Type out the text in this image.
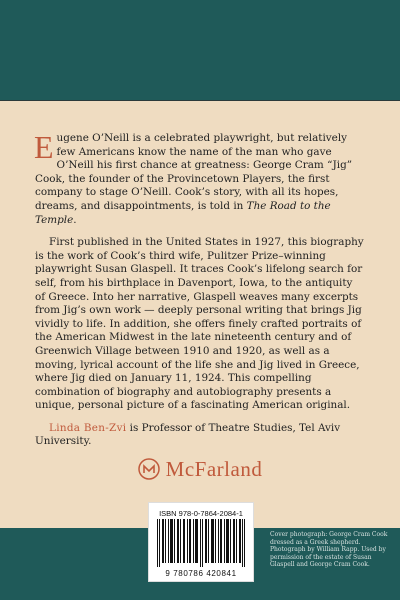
Eugene O’Neill is a celebrated playwright, but relatively few Americans know the name of the man who gave O’Neill his first chance at greatness: George Cram “Jig” Cook, the founder of the Provincetown Players, the first company to stage O’Neill. Cook’s story, with all its hopes, dreams, and disappointments, is told in The Road to the Temple.

First published in the United States in 1927, this biography is the work of Cook’s third wife, Pulitzer Prize–winning playwright Susan Glaspell. It traces Cook’s lifelong search for self, from his birthplace in Davenport, Iowa, to the antiquity of Greece. Into her narrative, Glaspell weaves many excerpts from Jig’s own work — deeply personal writing that brings Jig vividly to life. In addition, she offers finely crafted portraits of the American Midwest in the late nineteenth century and of Greenwich Village between 1910 and 1920, as well as a moving, lyrical account of the life she and Jig lived in Greece, where Jig died on January 11, 1924. This compelling combination of biography and autobiography presents a unique, personal picture of a fascinating American original.

Linda Ben-Zvi is Professor of Theatre Studies, Tel Aviv University.

McFarland
ISBN 978-0-7864-2084-1
9 780786 420841
Cover photograph: George Cram Cook dressed as a Greek shepherd. Photograph by William Rapp. Used by permission of the estate of Susan Glaspell and George Cram Cook.
